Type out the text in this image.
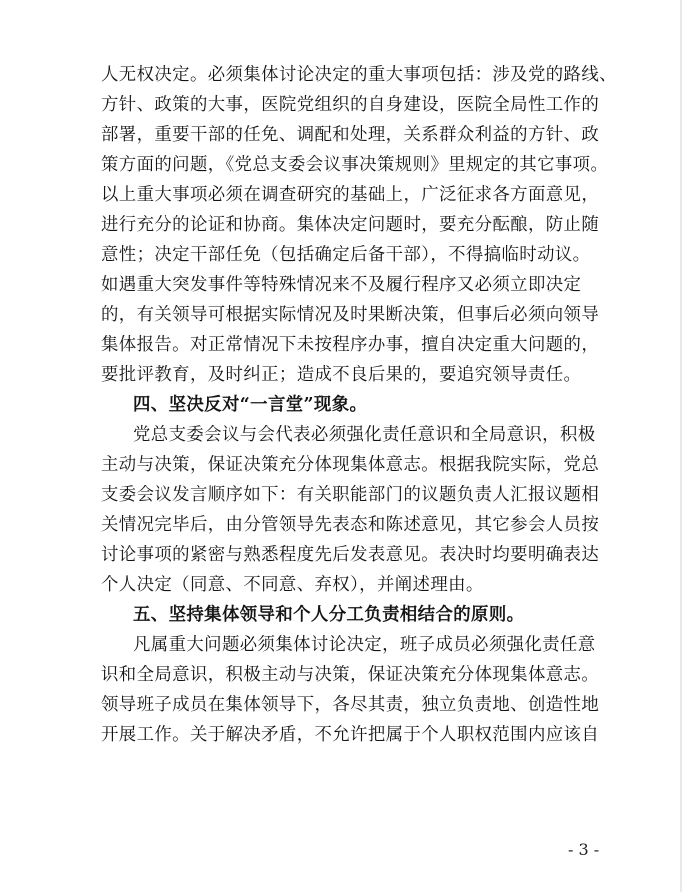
人无权决定。必须集体讨论决定的重大事项包括：涉及党的路线、
方针、政策的大事，医院党组织的自身建设，医院全局性工作的
部署，重要干部的任免、调配和处理，关系群众利益的方针、政
策方面的问题，《党总支委会议事决策规则》里规定的其它事项。
以上重大事项必须在调查研究的基础上，广泛征求各方面意见，
进行充分的论证和协商。集体决定问题时，要充分酝酿，防止随
意性；决定干部任免（包括确定后备干部），不得搞临时动议。
如遇重大突发事件等特殊情况来不及履行程序又必须立即决定
的，有关领导可根据实际情况及时果断决策，但事后必须向领导
集体报告。对正常情况下未按程序办事，擅自决定重大问题的，
要批评教育，及时纠正；造成不良后果的，要追究领导责任。
四、坚决反对“一言堂”现象。
党总支委会议与会代表必须强化责任意识和全局意识，积极
主动与决策，保证决策充分体现集体意志。根据我院实际，党总
支委会议发言顺序如下：有关职能部门的议题负责人汇报议题相
关情况完毕后，由分管领导先表态和陈述意见，其它参会人员按
讨论事项的紧密与熟悉程度先后发表意见。表决时均要明确表达
个人决定（同意、不同意、弃权），并阐述理由。
五、坚持集体领导和个人分工负责相结合的原则。
凡属重大问题必须集体讨论决定，班子成员必须强化责任意
识和全局意识，积极主动与决策，保证决策充分体现集体意志。
领导班子成员在集体领导下，各尽其责，独立负责地、创造性地
开展工作。关于解决矛盾，不允许把属于个人职权范围内应该自
- 3 -
